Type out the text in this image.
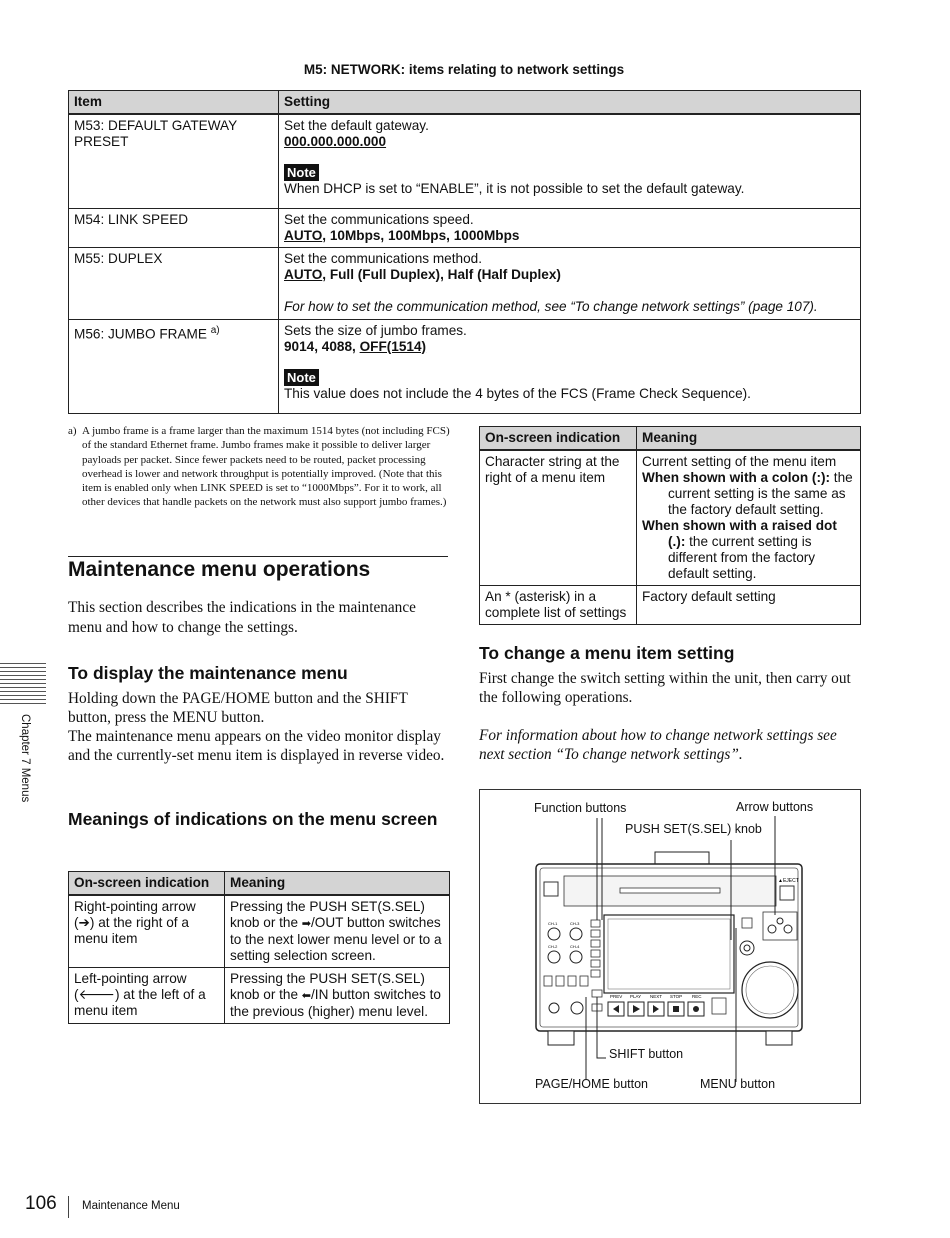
M5: NETWORK: items relating to network settings
Item	Setting
M53: DEFAULT GATEWAY PRESET	Set the default gateway.
000.000.000.000
Note
When DHCP is set to “ENABLE”, it is not possible to set the default gateway.

M54: LINK SPEED	Set the communications speed.
AUTO, 10Mbps, 100Mbps, 1000Mbps

M55: DUPLEX	Set the communications method.
AUTO, Full (Full Duplex), Half (Half Duplex)
For how to set the communication method, see “To change network settings” (page 107).

M56: JUMBO FRAME $^{a)}$	Sets the size of jumbo frames.
9014, 4088, OFF(1514)
Note
This value does not include the 4 bytes of the FCS (Frame Check Sequence).
a) A jumbo frame is a frame larger than the maximum 1514 bytes (not including FCS) of the standard Ethernet frame. Jumbo frames make it possible to deliver larger payloads per packet. Since fewer packets need to be routed, packet processing overhead is lower and network throughput is potentially improved. (Note that this item is enabled only when LINK SPEED is set to “1000Mbps”. For it to work, all other devices that handle packets on the network must also support jumbo frames.)
Maintenance menu operations
This section describes the indications in the maintenance menu and how to change the settings.
To display the maintenance menu
Holding down the PAGE/HOME button and the SHIFT button, press the MENU button.
The maintenance menu appears on the video monitor display and the currently-set menu item is displayed in reverse video.
Meanings of indications on the menu screen
On-screen indication	Meaning
Right-pointing arrow (➔) at the right of a menu item	Pressing the PUSH SET(S.SEL) knob or the ➡/OUT button switches to the next lower menu level or to a setting selection screen.
Left-pointing arrow (🡐) at the left of a menu item	Pressing the PUSH SET(S.SEL) knob or the ⬅/IN button switches to the previous (higher) menu level.
On-screen indication	Meaning
Character string at the right of a menu item	Current setting of the menu item
When shown with a colon (:): the current setting is the same as the factory default setting.
When shown with a raised dot (.): the current setting is different from the factory default setting.

An * (asterisk) in a complete list of settings	Factory default setting
To change a menu item setting
First change the switch setting within the unit, then carry out the following operations.
For information about how to change network settings see next section “To change network settings”.
Function buttons	Arrow buttons
PUSH SET(S.SEL) knob
SHIFT button
PAGE/HOME button	MENU button
▲EJECT
CH-1	CH-3
CH-2	CH-4
PREV PLAY NEXT STOP REC
Chapter 7 Menus
106 Maintenance Menu
